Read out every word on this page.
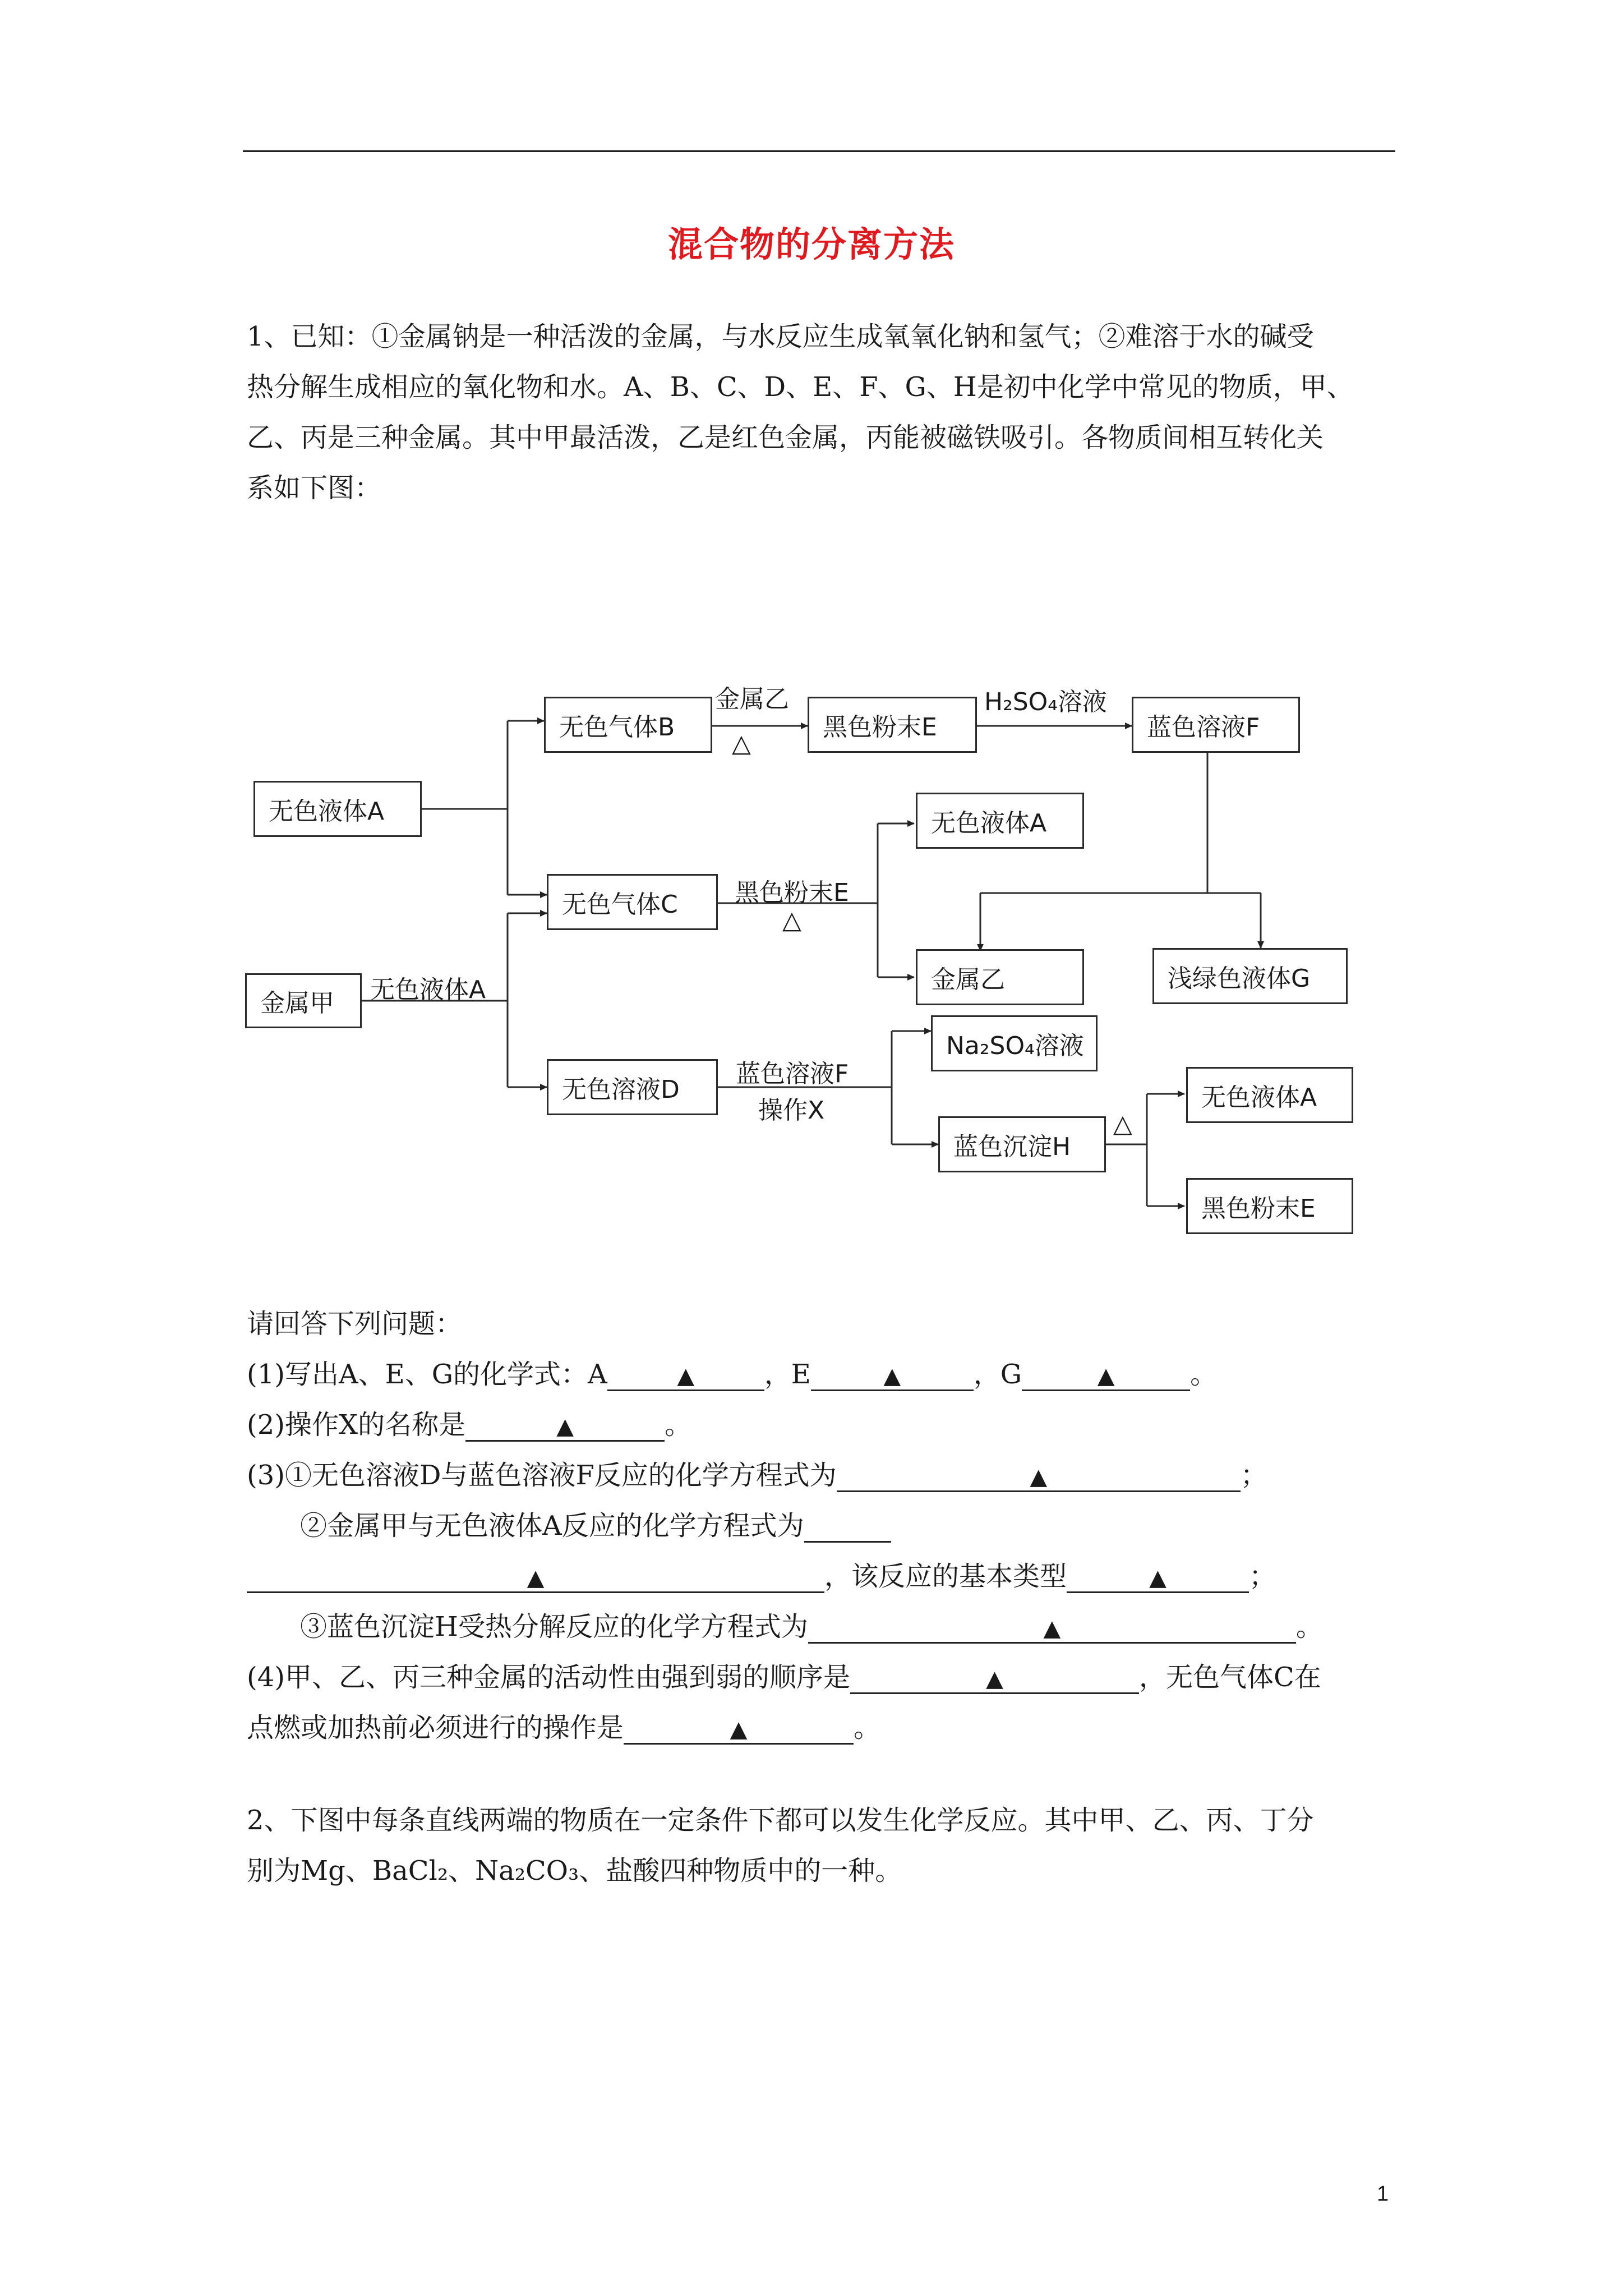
混合物的分离方法
1、已知：①金属钠是一种活泼的金属，与水反应生成氧氧化钠和氢气；②难溶于水的碱受
热分解生成相应的氧化物和水。A、B、C、D、E、F、G、H是初中化学中常见的物质，甲、
乙、丙是三种金属。其中甲最活泼，乙是红色金属，丙能被磁铁吸引。各物质间相互转化关
系如下图：
无色液体A
无色气体B	黑色粉末E	蓝色溶液F
无色液体A
无色气体C
金属乙	浅绿色液体G
金属甲
Na₂SO₄溶液
无色溶液D
蓝色沉淀H
无色液体A
黑色粉末E
金属乙
△
H₂SO₄溶液
黑色粉末E
△
无色液体A
蓝色溶液F
操作X	△
请回答下列问题：
(1)写出A、E、G的化学式：A	▲	，E	▲	，G	▲	。
(2)操作X的名称是	▲	。
(3)①无色溶液D与蓝色溶液F反应的化学方程式为	▲	；
②金属甲与无色液体A反应的化学方程式为
▲	，该反应的基本类型	▲	；
③蓝色沉淀H受热分解反应的化学方程式为	▲	。
(4)甲、乙、丙三种金属的活动性由强到弱的顺序是	▲	，无色气体C在
点燃或加热前必须进行的操作是	▲	。
2、下图中每条直线两端的物质在一定条件下都可以发生化学反应。其中甲、乙、丙、丁分
别为Mg、BaCl₂、Na₂CO₃、盐酸四种物质中的一种。
1
